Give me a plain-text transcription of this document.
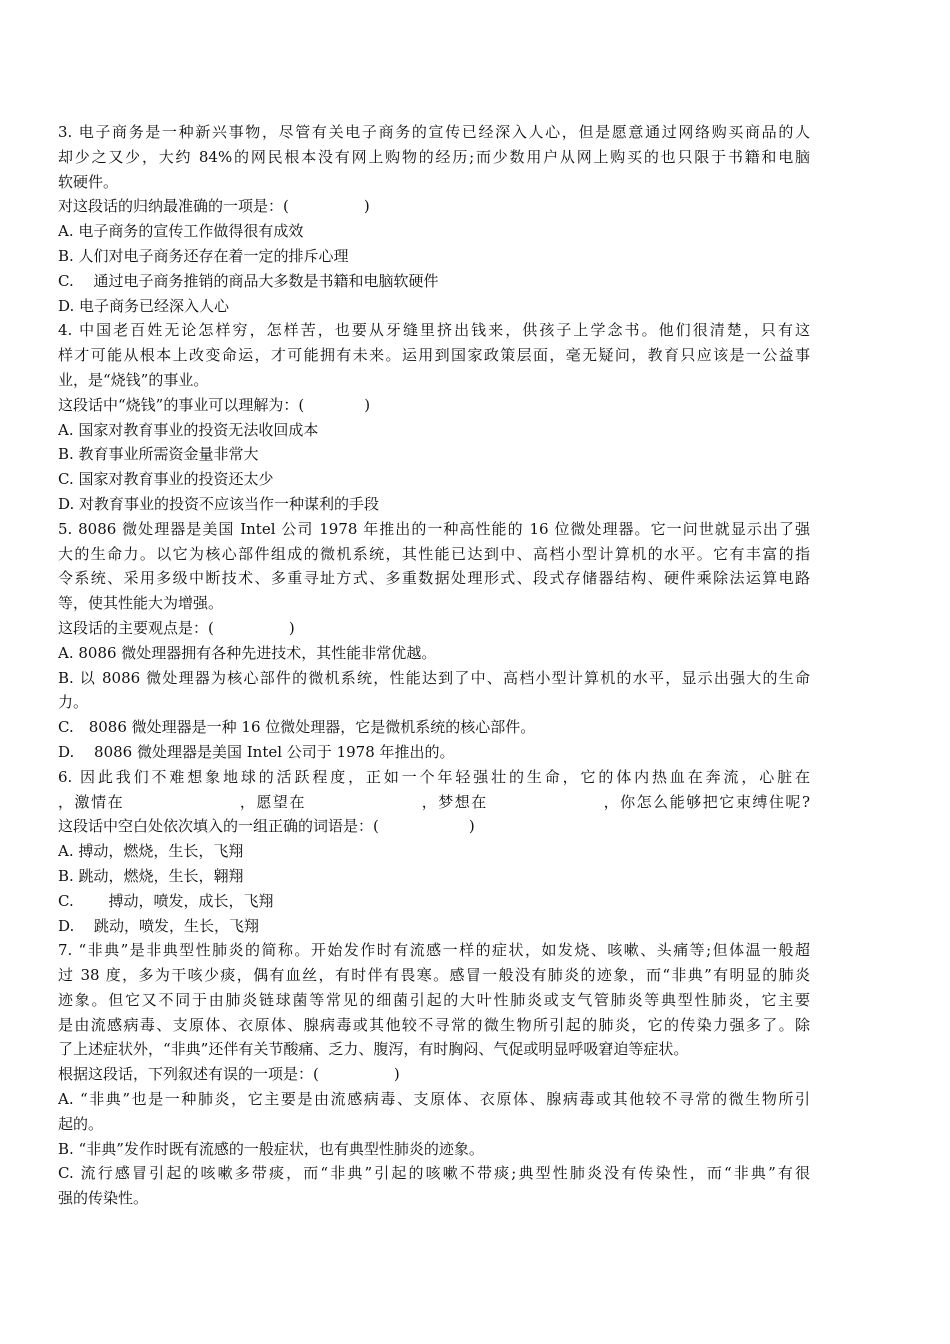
3. 电子商务是一种新兴事物，尽管有关电子商务的宣传已经深入人心，但是愿意通过网络购买商品的人
却少之又少，大约 84%的网民根本没有网上购物的经历;而少数用户从网上购买的也只限于书籍和电脑
软硬件。
对这段话的归纳最准确的一项是：(　　　　　)
A. 电子商务的宣传工作做得很有成效
B. 人们对电子商务还存在着一定的排斥心理
C.　 通过电子商务推销的商品大多数是书籍和电脑软硬件
D. 电子商务已经深入人心
4. 中国老百姓无论怎样穷，怎样苦，也要从牙缝里挤出钱来，供孩子上学念书。他们很清楚，只有这
样才可能从根本上改变命运，才可能拥有未来。运用到国家政策层面，毫无疑问，教育只应该是一公益事
业，是“烧钱”的事业。
这段话中“烧钱”的事业可以理解为：(　　　　)
A. 国家对教育事业的投资无法收回成本
B. 教育事业所需资金量非常大
C. 国家对教育事业的投资还太少
D. 对教育事业的投资不应该当作一种谋利的手段
5. 8086 微处理器是美国 Intel 公司 1978 年推出的一种高性能的 16 位微处理器。它一问世就显示出了强
大的生命力。以它为核心部件组成的微机系统，其性能已达到中、高档小型计算机的水平。它有丰富的指
令系统、采用多级中断技术、多重寻址方式、多重数据处理形式、段式存储器结构、硬件乘除法运算电路
等，使其性能大为增强。
这段话的主要观点是：(　　　　　)
A. 8086 微处理器拥有各种先进技术，其性能非常优越。
B. 以 8086 微处理器为核心部件的微机系统，性能达到了中、高档小型计算机的水平，显示出强大的生命
力。
C.　8086 微处理器是一种 16 位微处理器，它是微机系统的核心部件。
D.　 8086 微处理器是美国 Intel 公司于 1978 年推出的。
6. 因此我们不难想象地球的活跃程度，正如一个年轻强壮的生命，它的体内热血在奔流，心脏在
，激情在　　　　　　　，愿望在　　　　　　　，梦想在　　　　　　　，你怎么能够把它束缚住呢?
这段话中空白处依次填入的一组正确的词语是：(　　　　　　)
A. 搏动，燃烧，生长，飞翔
B. 跳动，燃烧，生长，翱翔
C.　　 搏动，喷发，成长，飞翔
D.　 跳动，喷发，生长，飞翔
7. “非典”是非典型性肺炎的简称。开始发作时有流感一样的症状，如发烧、咳嗽、头痛等;但体温一般超
过 38 度，多为干咳少痰，偶有血丝，有时伴有畏寒。感冒一般没有肺炎的迹象，而“非典”有明显的肺炎
迹象。但它又不同于由肺炎链球菌等常见的细菌引起的大叶性肺炎或支气管肺炎等典型性肺炎，它主要
是由流感病毒、支原体、衣原体、腺病毒或其他较不寻常的微生物所引起的肺炎，它的传染力强多了。除
了上述症状外，“非典”还伴有关节酸痛、乏力、腹泻，有时胸闷、气促或明显呼吸窘迫等症状。
根据这段话，下列叙述有误的一项是：(　　　　　)
A. “非典”也是一种肺炎，它主要是由流感病毒、支原体、衣原体、腺病毒或其他较不寻常的微生物所引
起的。
B. “非典”发作时既有流感的一般症状，也有典型性肺炎的迹象。
C. 流行感冒引起的咳嗽多带痰，而“非典”引起的咳嗽不带痰;典型性肺炎没有传染性，而“非典”有很
强的传染性。
